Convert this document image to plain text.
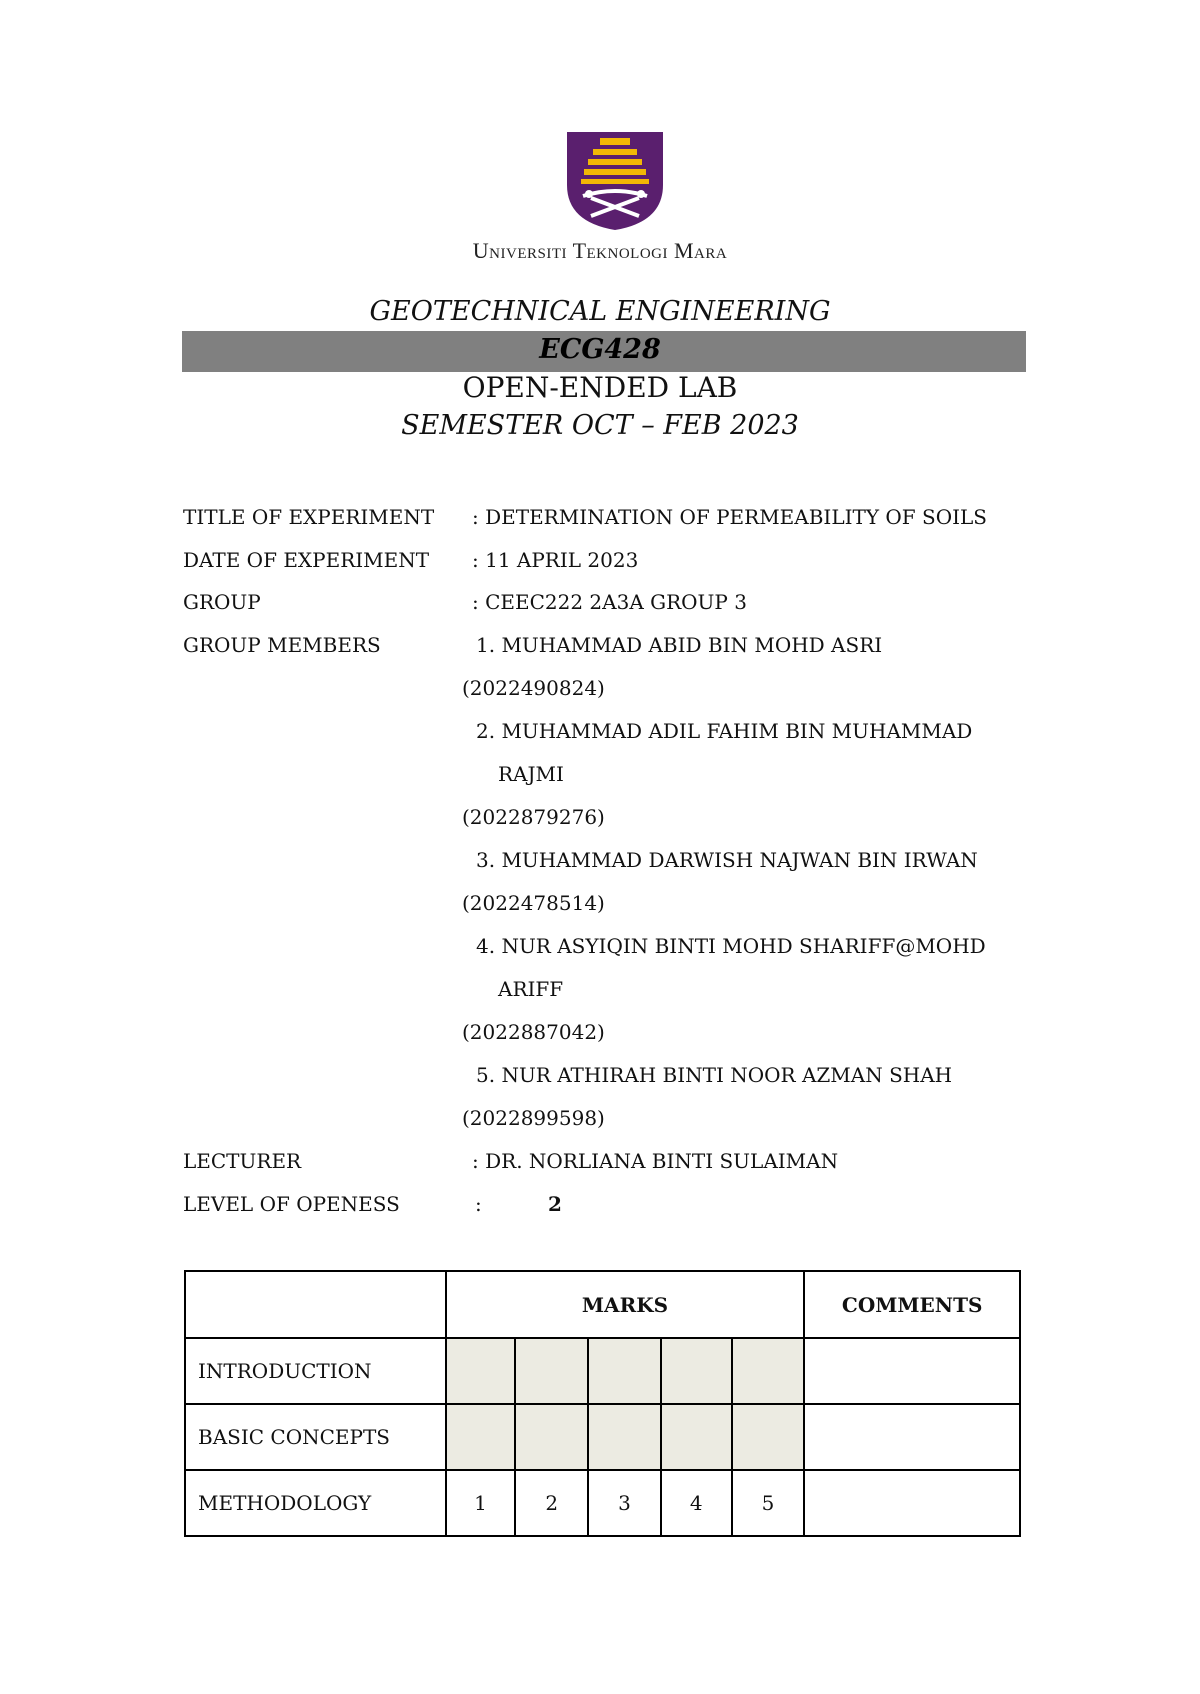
Universiti Teknologi Mara
GEOTECHNICAL ENGINEERING
ECG428
OPEN-ENDED LAB
SEMESTER OCT – FEB 2023
TITLE OF EXPERIMENT : DETERMINATION OF PERMEABILITY OF SOILS
DATE OF EXPERIMENT : 11 APRIL 2023
GROUP	: CEEC222 2A3A GROUP 3
GROUP MEMBERS	1. MUHAMMAD ABID BIN MOHD ASRI
(2022490824)
2. MUHAMMAD ADIL FAHIM BIN MUHAMMAD
RAJMI
(2022879276)
3. MUHAMMAD DARWISH NAJWAN BIN IRWAN
(2022478514)
4. NUR ASYIQIN BINTI MOHD SHARIFF@MOHD
ARIFF
(2022887042)
5. NUR ATHIRAH BINTI NOOR AZMAN SHAH
(2022899598)
LECTURER	: DR. NORLIANA BINTI SULAIMAN
LEVEL OF OPENESS	:	2
	MARKS					COMMENTS
INTRODUCTION						
BASIC CONCEPTS						
METHODOLOGY	1	2	3	4	5	
